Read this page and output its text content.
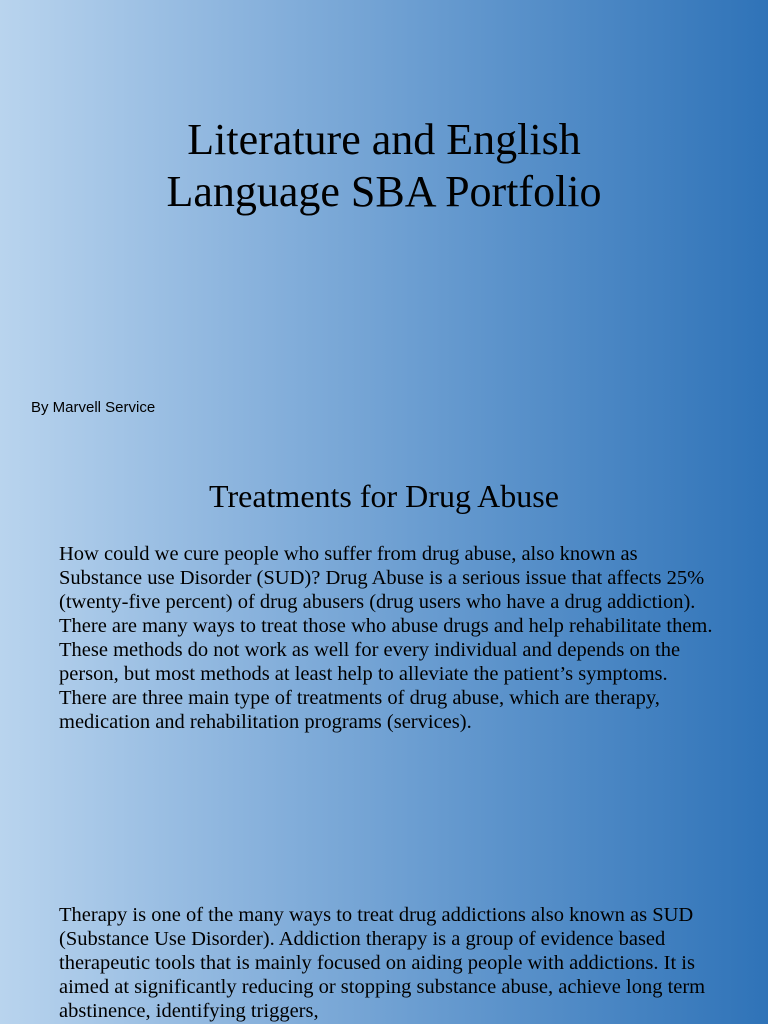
Literature and English
Language SBA Portfolio
By Marvell Service
Treatments for Drug Abuse

How could we cure people who suffer from drug abuse, also known as Substance use Disorder (SUD)? Drug Abuse is a serious issue that affects 25% (twenty-five percent) of drug abusers (drug users who have a drug addiction). There are many ways to treat those who abuse drugs and help rehabilitate them. These methods do not work as well for every individual and depends on the person, but most methods at least help to alleviate the patient’s symptoms. There are three main type of treatments of drug abuse, which are therapy, medication and rehabilitation programs (services).

Therapy is one of the many ways to treat drug addictions also known as SUD (Substance Use Disorder). Addiction therapy is a group of evidence based therapeutic tools that is mainly focused on aiding people with addictions. It is aimed at significantly reducing or stopping substance abuse, achieve long term abstinence, identifying triggers,
